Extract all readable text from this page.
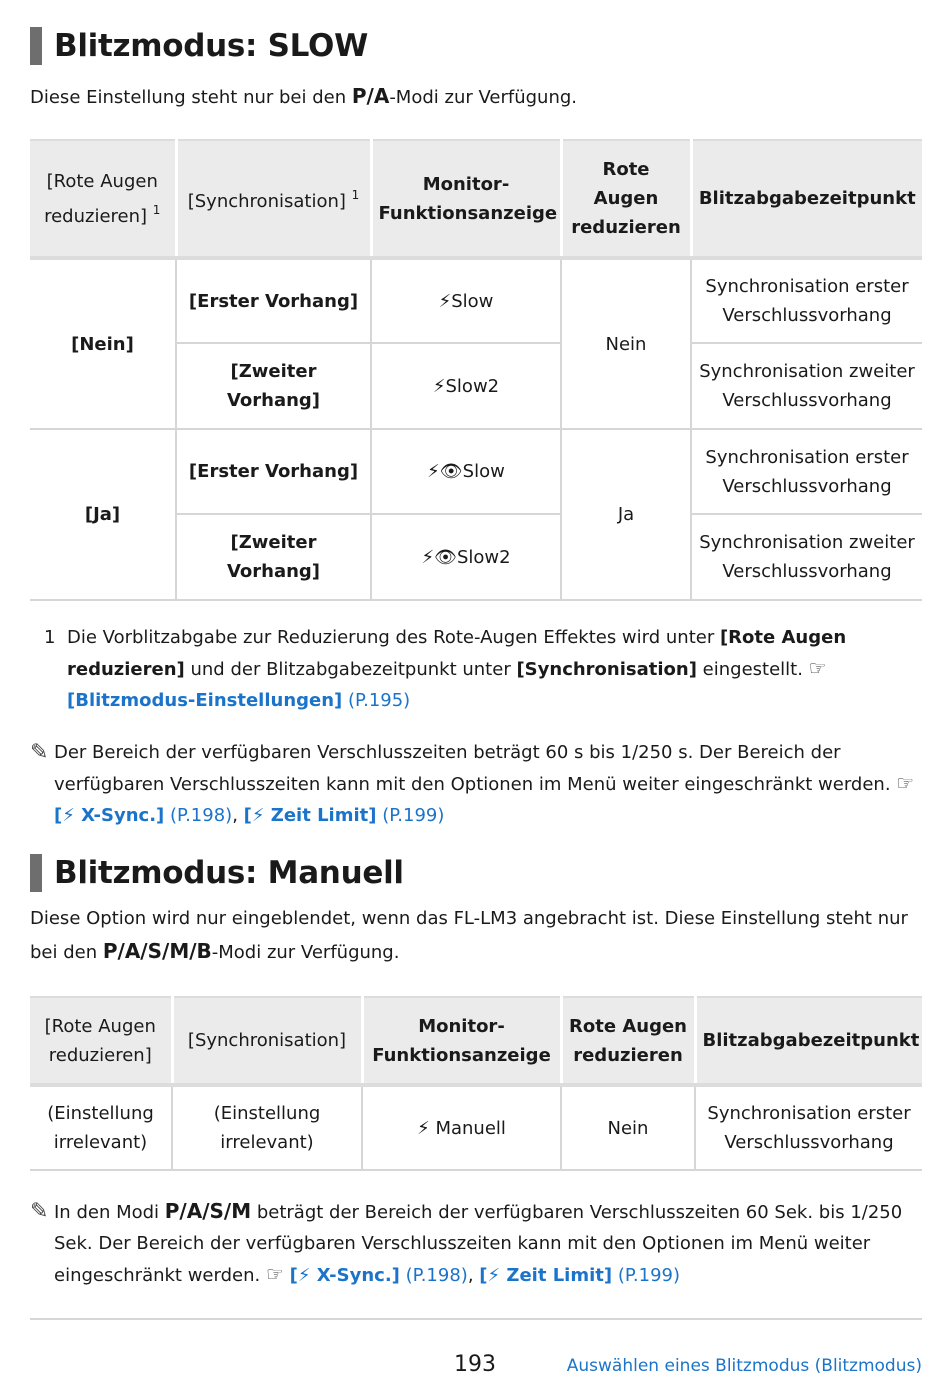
Blitzmodus: SLOW
Diese Einstellung steht nur bei den P/A-Modi zur Verfügung.
[Rote Augen reduzieren] $^1$	[Synchronisation] $^1$	Monitor-Funktionsanzeige	Rote Augen reduzieren	Blitzabgabezeitpunkt
[Nein]	[Erster Vorhang]	⚡Slow	Nein	Synchronisation erster Verschlussvorhang
	[Zweiter Vorhang]	⚡Slow2		Synchronisation zweiter Verschlussvorhang
[Ja]	[Erster Vorhang]	⚡👁Slow	Ja	Synchronisation erster Verschlussvorhang
	[Zweiter Vorhang]	⚡👁Slow2		Synchronisation zweiter Verschlussvorhang
1 Die Vorblitzabgabe zur Reduzierung des Rote-Augen Effektes wird unter [Rote Augen reduzieren] und der Blitzabgabezeitpunkt unter [Synchronisation] eingestellt. ☞ [Blitzmodus-Einstellungen] (P.195)
✎ Der Bereich der verfügbaren Verschlusszeiten beträgt 60 s bis 1/250 s. Der Bereich der verfügbaren Verschlusszeiten kann mit den Optionen im Menü weiter eingeschränkt werden. ☞ [⚡ X-Sync.] (P.198), [⚡ Zeit Limit] (P.199)
Blitzmodus: Manuell
Diese Option wird nur eingeblendet, wenn das FL-LM3 angebracht ist. Diese Einstellung steht nur bei den P/A/S/M/B-Modi zur Verfügung.
[Rote Augen reduzieren]	[Synchronisation]	Monitor-Funktionsanzeige	Rote Augen reduzieren	Blitzabgabezeitpunkt
(Einstellung irrelevant)	(Einstellung irrelevant)	⚡ Manuell	Nein	Synchronisation erster Verschlussvorhang
✎ In den Modi P/A/S/M beträgt der Bereich der verfügbaren Verschlusszeiten 60 Sek. bis 1/250 Sek. Der Bereich der verfügbaren Verschlusszeiten kann mit den Optionen im Menü weiter eingeschränkt werden. ☞ [⚡ X-Sync.] (P.198), [⚡ Zeit Limit] (P.199)
193	Auswählen eines Blitzmodus (Blitzmodus)
